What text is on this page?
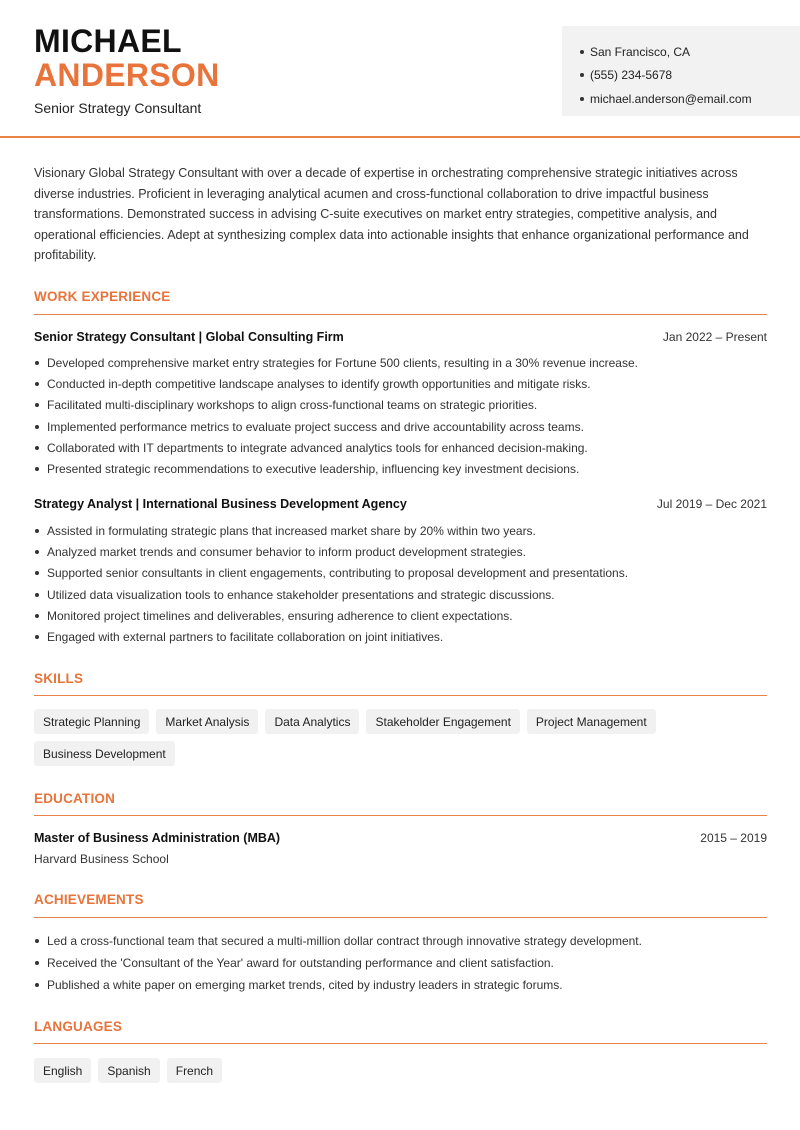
MICHAEL
ANDERSON
Senior Strategy Consultant
San Francisco, CA
(555) 234-5678
michael.anderson@email.com

Visionary Global Strategy Consultant with over a decade of expertise in orchestrating comprehensive strategic initiatives across diverse industries. Proficient in leveraging analytical acumen and cross-functional collaboration to drive impactful business transformations. Demonstrated success in advising C-suite executives on market entry strategies, competitive analysis, and operational efficiencies. Adept at synthesizing complex data into actionable insights that enhance organizational performance and profitability.

WORK EXPERIENCE
Senior Strategy Consultant | Global Consulting Firm	Jan 2022 – Present
Developed comprehensive market entry strategies for Fortune 500 clients, resulting in a 30% revenue increase.
Conducted in-depth competitive landscape analyses to identify growth opportunities and mitigate risks.
Facilitated multi-disciplinary workshops to align cross-functional teams on strategic priorities.
Implemented performance metrics to evaluate project success and drive accountability across teams.
Collaborated with IT departments to integrate advanced analytics tools for enhanced decision-making.
Presented strategic recommendations to executive leadership, influencing key investment decisions.
Strategy Analyst | International Business Development Agency	Jul 2019 – Dec 2021
Assisted in formulating strategic plans that increased market share by 20% within two years.
Analyzed market trends and consumer behavior to inform product development strategies.
Supported senior consultants in client engagements, contributing to proposal development and presentations.
Utilized data visualization tools to enhance stakeholder presentations and strategic discussions.
Monitored project timelines and deliverables, ensuring adherence to client expectations.
Engaged with external partners to facilitate collaboration on joint initiatives.
SKILLS
Strategic Planning	Market Analysis	Data Analytics	Stakeholder Engagement	Project Management
Business Development
EDUCATION
Master of Business Administration (MBA)	2015 – 2019
Harvard Business School
ACHIEVEMENTS
Led a cross-functional team that secured a multi-million dollar contract through innovative strategy development.
Received the 'Consultant of the Year' award for outstanding performance and client satisfaction.
Published a white paper on emerging market trends, cited by industry leaders in strategic forums.
LANGUAGES
English	Spanish	French
